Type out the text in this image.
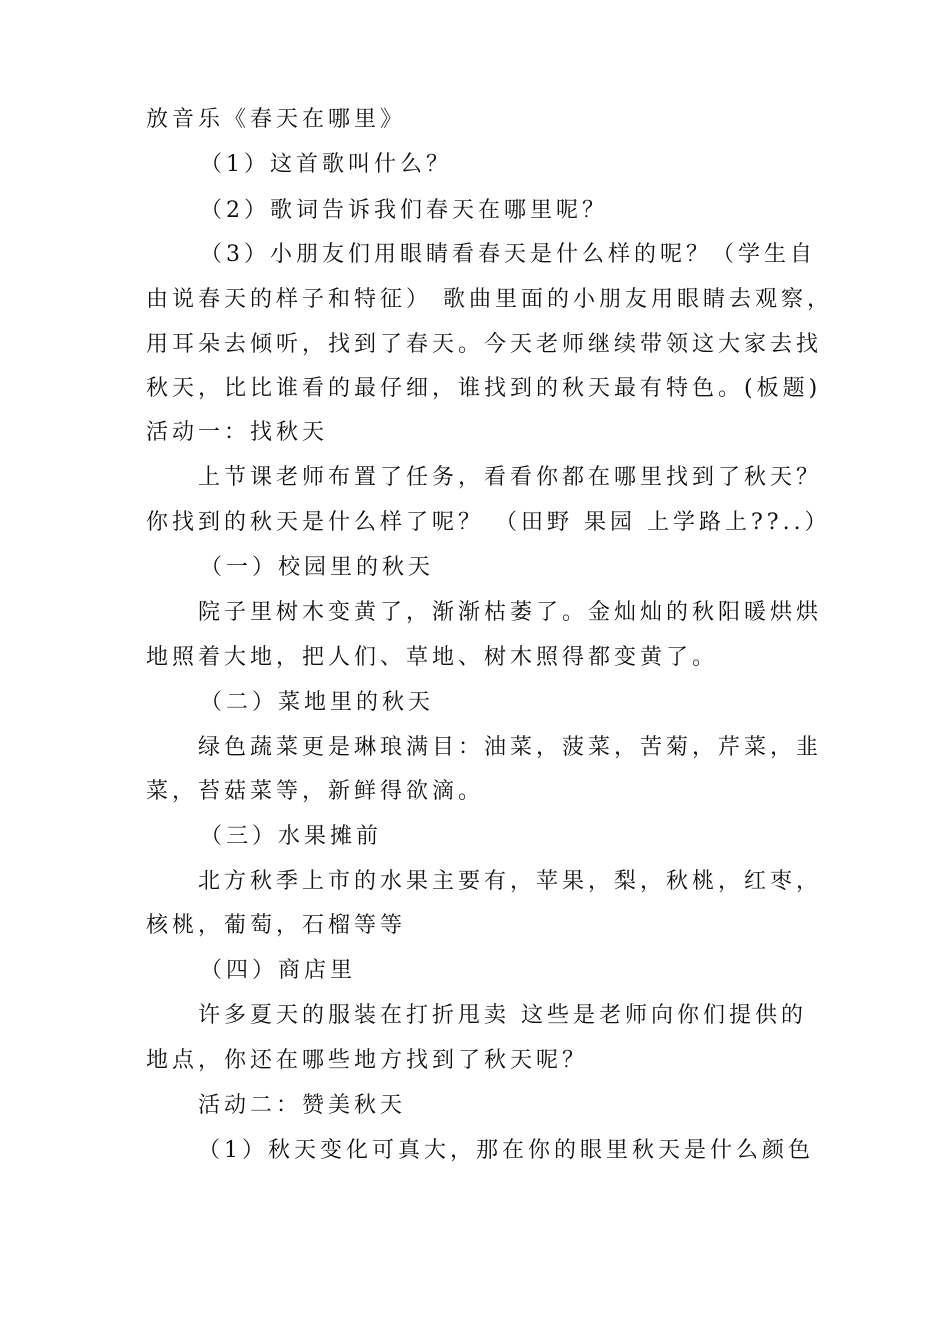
放音乐《春天在哪里》
（1）这首歌叫什么？
（2）歌词告诉我们春天在哪里呢？
（3）小朋友们用眼睛看春天是什么样的呢？（学生自
由说春天的样子和特征） 歌曲里面的小朋友用眼睛去观察，
用耳朵去倾听，找到了春天。今天老师继续带领这大家去找
秋天，比比谁看的最仔细，谁找到的秋天最有特色。(板题)
活动一：找秋天
上节课老师布置了任务，看看你都在哪里找到了秋天？
你找到的秋天是什么样了呢？ （田野 果园 上学路上??..）
（一）校园里的秋天
院子里树木变黄了，渐渐枯萎了。金灿灿的秋阳暖烘烘
地照着大地，把人们、草地、树木照得都变黄了。
（二）菜地里的秋天
绿色蔬菜更是琳琅满目：油菜，菠菜，苦菊，芹菜，韭
菜，苔菇菜等，新鲜得欲滴。
（三）水果摊前
北方秋季上市的水果主要有，苹果，梨，秋桃，红枣，
核桃，葡萄，石榴等等
（四）商店里
许多夏天的服装在打折甩卖 这些是老师向你们提供的
地点，你还在哪些地方找到了秋天呢？
活动二：赞美秋天
（1）秋天变化可真大，那在你的眼里秋天是什么颜色
